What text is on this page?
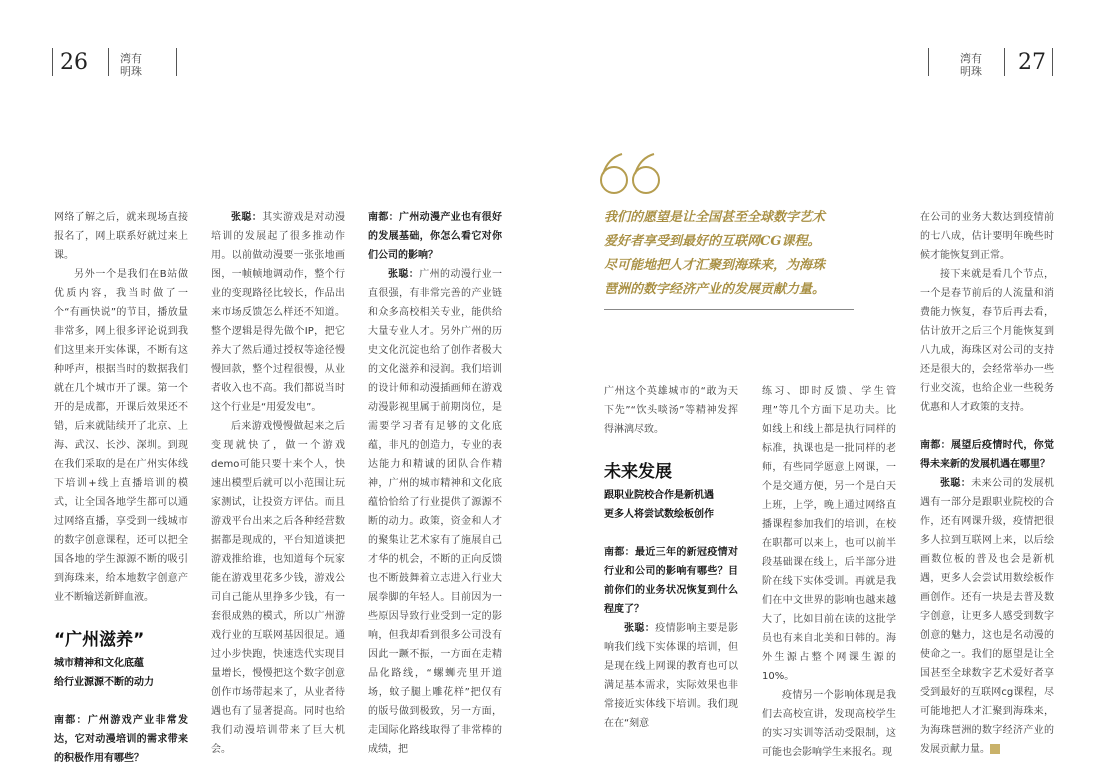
26	湾有
明珠
湾有
明珠 27

网络了解之后，就来现场直接报名了，网上联系好就过来上课。

另外一个是我们在B站做优质内容，我当时做了一个“有画快说”的节目，播放量非常多，网上很多评论说到我们这里来开实体课，不断有这种呼声，根据当时的数据我们就在几个城市开了课。第一个开的是成都，开课后效果还不错，后来就陆续开了北京、上海、武汉、长沙、深圳。到现在我们采取的是在广州实体线下培训+线上直播培训的模式，让全国各地学生都可以通过网络直播，享受到一线城市的数字创意课程，还可以把全国各地的学生源源不断的吸引到海珠来，给本地数字创意产业不断输送新鲜血液。

“广州滋养”

城市精神和文化底蕴

给行业源源不断的动力

南都：广州游戏产业非常发达，它对动漫培训的需求带来的积极作用有哪些？

张聪：其实游戏是对动漫培训的发展起了很多推动作用。以前做动漫要一张张地画图，一帧帧地调动作，整个行业的变现路径比较长，作品出来市场反馈怎么样还不知道。整个逻辑是得先做个IP，把它养大了然后通过授权等途径慢慢回款，整个过程很慢，从业者收入也不高。我们都说当时这个行业是“用爱发电”。

后来游戏慢慢做起来之后变现就快了，做一个游戏demo可能只要十来个人，快速出模型后就可以小范围让玩家测试，让投资方评估。而且游戏平台出来之后各种经营数据都是现成的，平台知道谈把游戏推给谁，也知道每个玩家能在游戏里花多少钱，游戏公司自己能从里挣多少钱，有一套很成熟的模式，所以广州游戏行业的互联网基因很足。通过小步快跑，快速迭代实现目量增长，慢慢把这个数字创意创作市场带起来了，从业者待遇也有了显著提高。同时也给我们动漫培训带来了巨大机会。

南都：广州动漫产业也有很好的发展基础，你怎么看它对你们公司的影响？

张聪：广州的动漫行业一直很强，有非常完善的产业链和众多高校相关专业，能供给大量专业人才。另外广州的历史文化沉淀也给了创作者极大的文化滋养和浸润。我们培训的设计师和动漫插画师在游戏动漫影视里属于前期岗位，是需要学习者有足够的文化底蕴，非凡的创造力，专业的表达能力和精诚的团队合作精神，广州的城市精神和文化底蕴恰恰给了行业提供了源源不断的动力。政策，资金和人才的聚集让艺术家有了施展自己才华的机会，不断的正向反馈也不断鼓舞着立志进入行业大展拳脚的年轻人。目前因为一些原因导致行业受到一定的影响，但我却看到很多公司没有因此一蹶不振，一方面在走精品化路线，“螺蛳壳里开道场，蚊子腿上雕花样”把仅有的版号做到极致，另一方面，走国际化路线取得了非常棒的成绩，把

我们的愿望是让全国甚至全球数字艺术

爱好者享受到最好的互联网CG课程。

尽可能地把人才汇聚到海珠来，为海珠

琶洲的数字经济产业的发展贡献力量。

广州这个英雄城市的“敢为天下先”“饮头啖汤”等精神发挥得淋漓尽致。

未来发展

跟职业院校合作是新机遇

更多人将尝试数绘板创作

南都：最近三年的新冠疫情对行业和公司的影响有哪些？目前你们的业务状况恢复到什么程度了？

张聪：疫情影响主要是影响我们线下实体课的培训，但是现在线上网课的教育也可以满足基本需求，实际效果也非常接近实体线下培训。我们现在在“刻意

练习、即时反馈、学生管理”等几个方面下足功夫。比如线上和线上都是执行同样的标准，执课也是一批同样的老师，有些同学愿意上网课，一个是交通方便，另一个是白天上班，上学，晚上通过网络直播课程参加我们的培训，在校在职都可以来上，也可以前半段基础课在线上，后半部分进阶在线下实体受训。再就是我们在中文世界的影响也越来越大了，比如目前在读的这批学员也有来自北美和日韩的。海外生源占整个网课生源的10%。

疫情另一个影响体现是我们去高校宣讲，发现高校学生的实习实训等活动受限制，这可能也会影响学生来报名。现

在公司的业务大数达到疫情前的七八成，估计要明年晚些时候才能恢复到正常。

接下来就是看几个节点，一个是春节前后的人流量和消费能力恢复，春节后再去看，估计放开之后三个月能恢复到八九成，海珠区对公司的支持还是很大的，会经常举办一些行业交流，也给企业一些税务优惠和人才政策的支持。

南都：展望后疫情时代，你觉得未来新的发展机遇在哪里？

张聪：未来公司的发展机遇有一部分是跟职业院校的合作，还有网课升级，疫情把很多人拉到互联网上来，以后绘画数位板的普及也会是新机遇，更多人会尝试用数绘板作画创作。还有一块是去普及数字创意，让更多人感受到数字创意的魅力，这也是名动漫的使命之一。我们的愿望是让全国甚至全球数字艺术爱好者享受到最好的互联网cg课程，尽可能地把人才汇聚到海珠来，为海珠琶洲的数字经济产业的发展贡献力量。
